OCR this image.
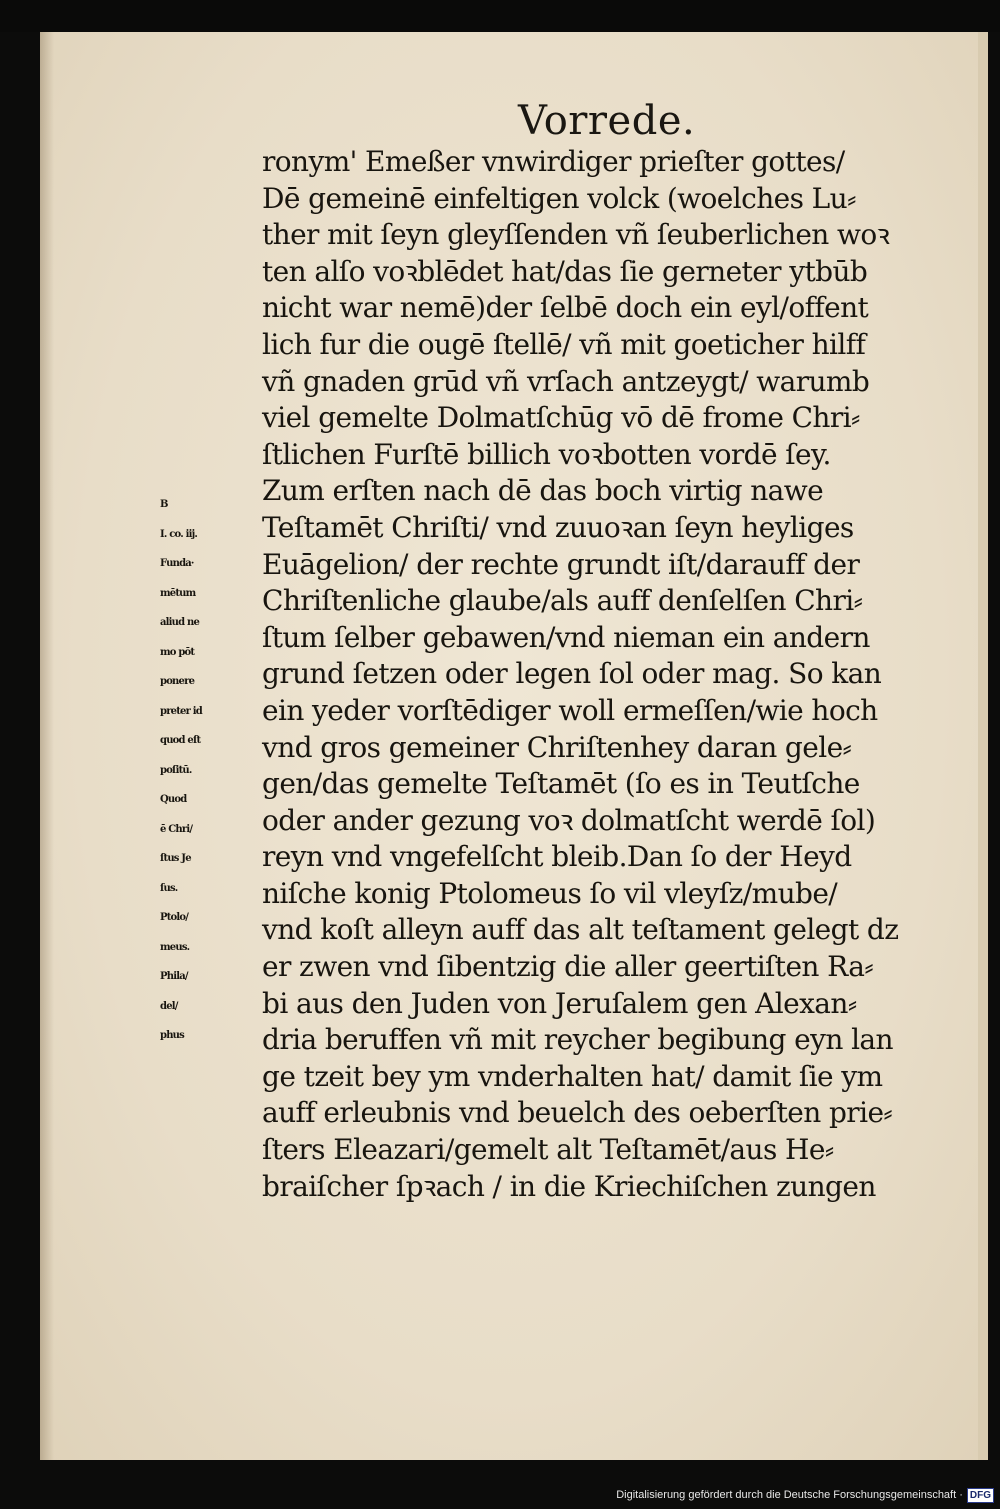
Vorrede.
ronym' Emeßer vnwirdiger prieſter gottes/
Dē gemeinē einfeltigen volck (woelches Lu⸗
ther mit ſeyn gleyſſenden vñ ſeuberlichen woꝛ
ten alſo voꝛblēdet hat/das ſie gerneter ytbūb
nicht war nemē)der ſelbē doch ein eyl/offent
lich fur die ougē ſtellē/ vñ mit goeticher hilff
vñ gnaden grūd vñ vrſach antzeygt/ warumb
viel gemelte Dolmatſchūg vō dē frome Chri⸗
ſtlichen Furſtē billich voꝛbotten vordē ſey.
Zum erſten nach dē das boch virtig nawe
Teſtamēt Chriſti/ vnd zuuoꝛan ſeyn heyliges
Euāgelion/ der rechte grundt iſt/darauff der
Chriſtenliche glaube/als auff denſelſen Chri⸗
ſtum ſelber gebawen/vnd nieman ein andern
grund ſetzen oder legen ſol oder mag. So kan
ein yeder vorſtēdiger woll ermeſſen/wie hoch
vnd gros gemeiner Chriſtenhey daran gele⸗
gen/das gemelte Teſtamēt (ſo es in Teutſche
oder ander gezung voꝛ dolmatſcht werdē ſol)
reyn vnd vngefelſcht bleib.Dan ſo der Heyd
niſche konig Ptolomeus ſo vil vleyſz/mube/
vnd koſt alleyn auff das alt teſtament gelegt dz
er zwen vnd ſibentzig die aller geertiſten Ra⸗
bi aus den Juden von Jeruſalem gen Alexan⸗
dria beruffen vñ mit reycher begibung eyn lan
ge tzeit bey ym vnderhalten hat/ damit ſie ym
auff erleubnis vnd beuelch des oeberſten prie⸗
ſters Eleazari/gemelt alt Teſtamēt/aus He⸗
braiſcher ſpꝛach / in die Kriechiſchen zungen
B
I. co. iij.
Funda·
mētum
aliud ne
mo pōt
ponere
preter id
quod eſt
poſitū.
Quod
ē Chri/
ſtus Je
ſus.
Ptolo/
meus.
Phila/
del/
phus
Digitalisierung gefördert durch die Deutsche Forschungsgemeinschaft · DFG
